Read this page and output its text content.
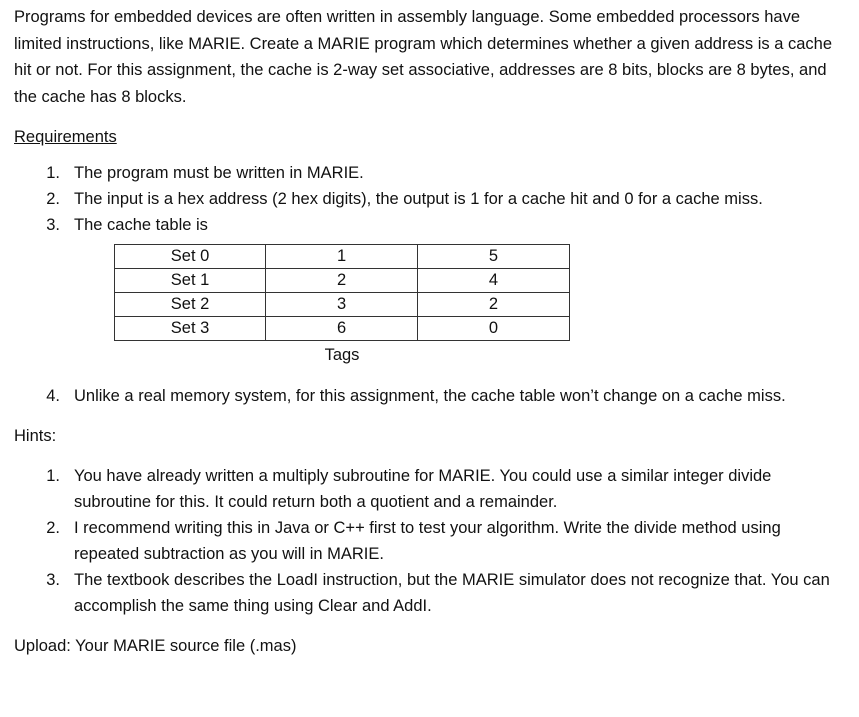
Programs for embedded devices are often written in assembly language. Some embedded processors have limited instructions, like MARIE. Create a MARIE program which determines whether a given address is a cache hit or not. For this assignment, the cache is 2-way set associative, addresses are 8 bits, blocks are 8 bytes, and the cache has 8 blocks.

Requirements
1. The program must be written in MARIE.
2. The input is a hex address (2 hex digits), the output is 1 for a cache hit and 0 for a cache miss.
3. The cache table is
Set 0	1	5
Set 1	2	4
Set 2	3	2
Set 3	6	0
Tags
4. Unlike a real memory system, for this assignment, the cache table won’t change on a cache miss.
Hints:
1. You have already written a multiply subroutine for MARIE. You could use a similar integer divide subroutine for this. It could return both a quotient and a remainder.
2. I recommend writing this in Java or C++ first to test your algorithm. Write the divide method using repeated subtraction as you will in MARIE.
3. The textbook describes the LoadI instruction, but the MARIE simulator does not recognize that. You can accomplish the same thing using Clear and AddI.
Upload: Your MARIE source file (.mas)
